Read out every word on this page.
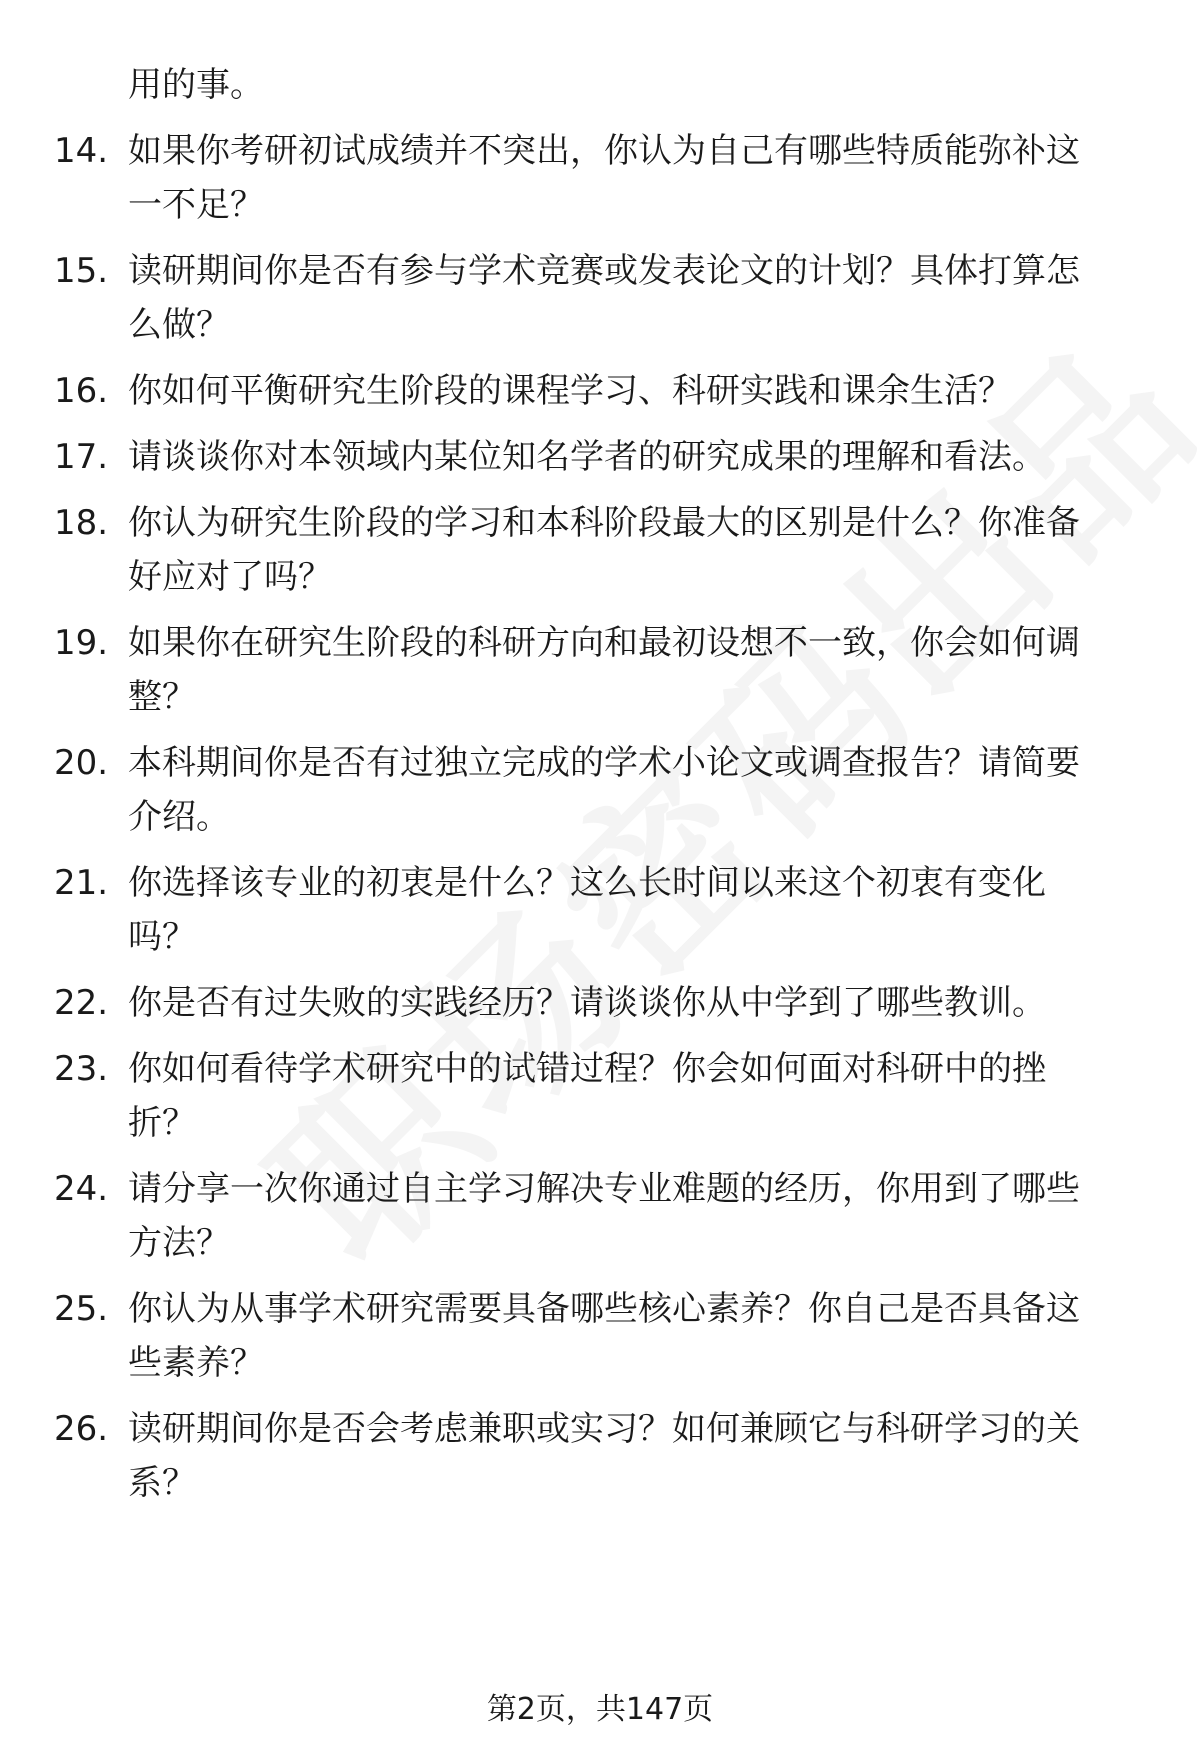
用的事。
14. 如果你考研初试成绩并不突出，你认为自己有哪些特质能弥补这
一不足？
15. 读研期间你是否有参与学术竞赛或发表论文的计划？具体打算怎
么做？
16. 你如何平衡研究生阶段的课程学习、科研实践和课余生活？
17. 请谈谈你对本领域内某位知名学者的研究成果的理解和看法。
18. 你认为研究生阶段的学习和本科阶段最大的区别是什么？你准备
好应对了吗？
19. 如果你在研究生阶段的科研方向和最初设想不一致，你会如何调
整？
20. 本科期间你是否有过独立完成的学术小论文或调查报告？请简要
介绍。
21. 你选择该专业的初衷是什么？这么长时间以来这个初衷有变化
吗？
22. 你是否有过失败的实践经历？请谈谈你从中学到了哪些教训。
23. 你如何看待学术研究中的试错过程？你会如何面对科研中的挫
折？
24. 请分享一次你通过自主学习解决专业难题的经历，你用到了哪些
方法？
25. 你认为从事学术研究需要具备哪些核心素养？你自己是否具备这
些素养？
26. 读研期间你是否会考虑兼职或实习？如何兼顾它与科研学习的关
系？
第2页，共147页
